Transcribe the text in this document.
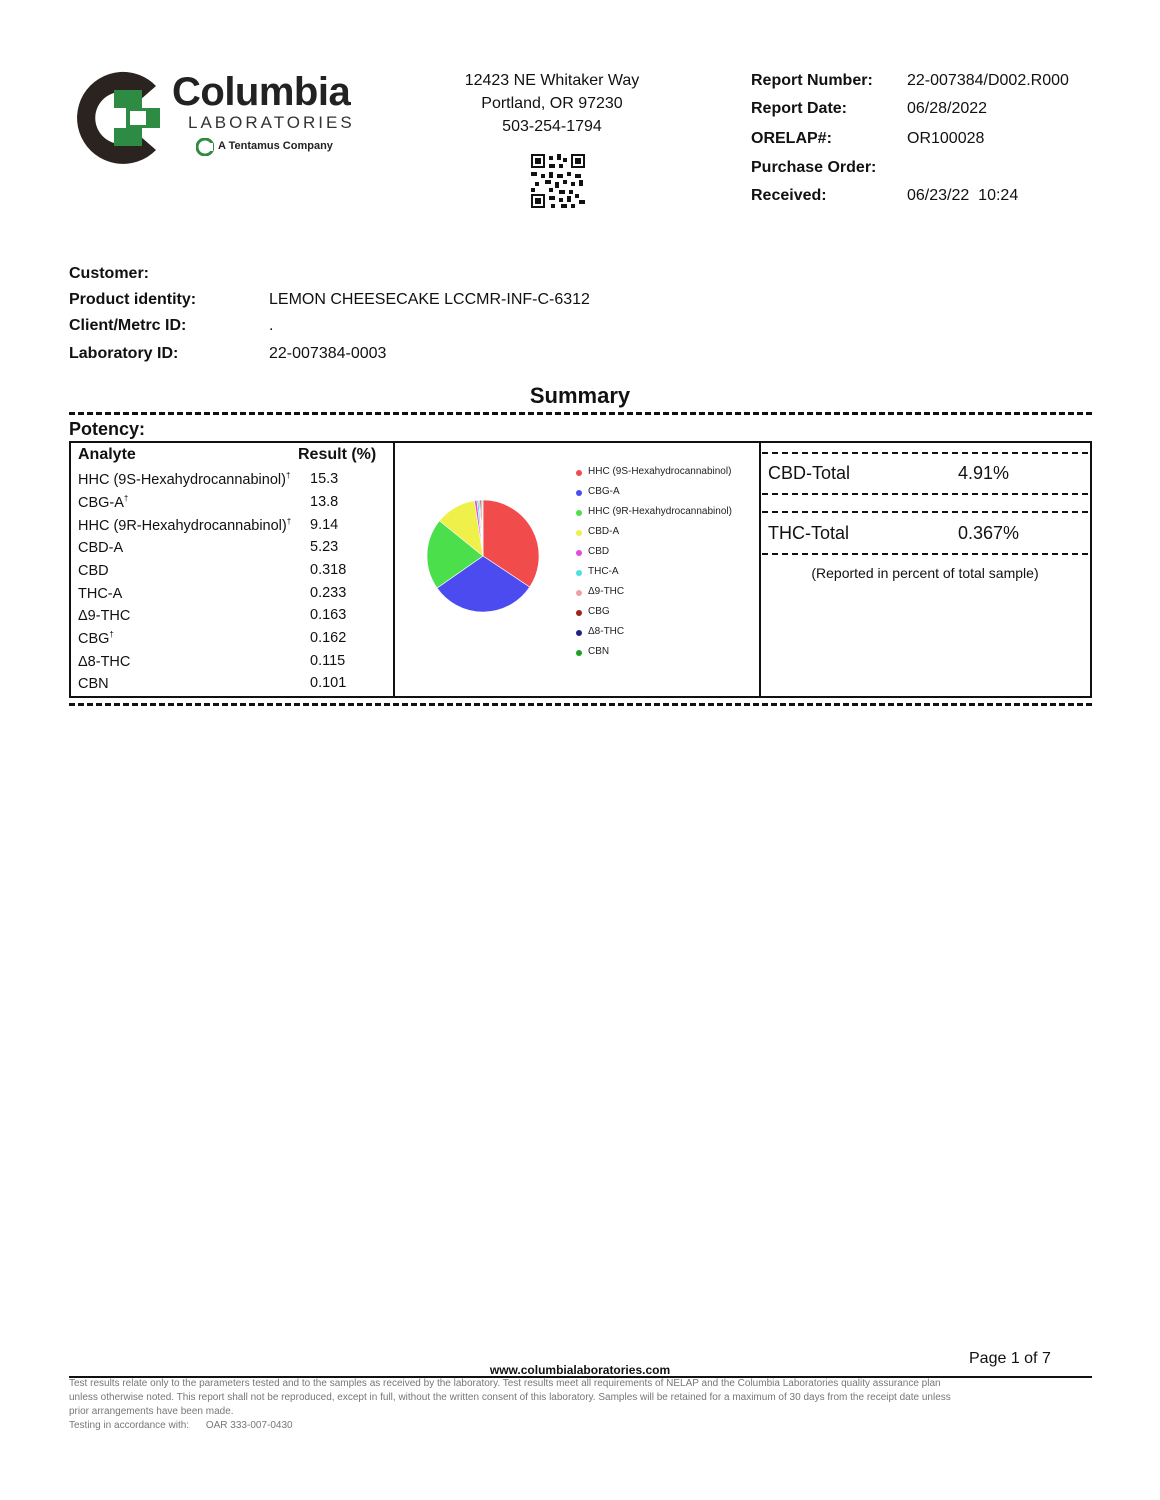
Columbia
LABORATORIES
A Tentamus Company
12423 NE Whitaker Way
Portland, OR 97230
503-254-1794
Report Number: 22-007384/D002.R000
Report Date:	06/28/2022
ORELAP#:	OR100028
Purchase Order:
Received:	06/23/22  10:24
Customer:
Product identity:	LEMON CHEESECAKE LCCMR-INF-C-6312
Client/Metrc ID:	.
Laboratory ID:	22-007384-0003
Summary
Potency:
Analyte	Result (%)
HHC (9S-Hexahydrocannabinol)† 15.3
CBG-A†	13.8
HHC (9R-Hexahydrocannabinol)† 9.14
CBD-A	5.23
CBD	0.318
THC-A	0.233
Δ9-THC	0.163
CBG†	0.162
Δ8-THC	0.115
CBN	0.101
HHC (9S-Hexahydrocannabinol)
CBG-A
HHC (9R-Hexahydrocannabinol)
CBD-A
CBD
THC-A
Δ9-THC
CBG
Δ8-THC
CBN
CBD-Total	4.91%
THC-Total	0.367%
(Reported in percent of total sample)
Page 1 of 7
www.columbialaboratories.com
Test results relate only to the parameters tested and to the samples as received by the laboratory. Test results meet all requirements of NELAP and the Columbia Laboratories quality assurance plan
unless otherwise noted. This report shall not be reproduced, except in full, without the written consent of this laboratory. Samples will be retained for a maximum of 30 days from the receipt date unless
prior arrangements have been made.
Testing in accordance with: OAR 333-007-0430
